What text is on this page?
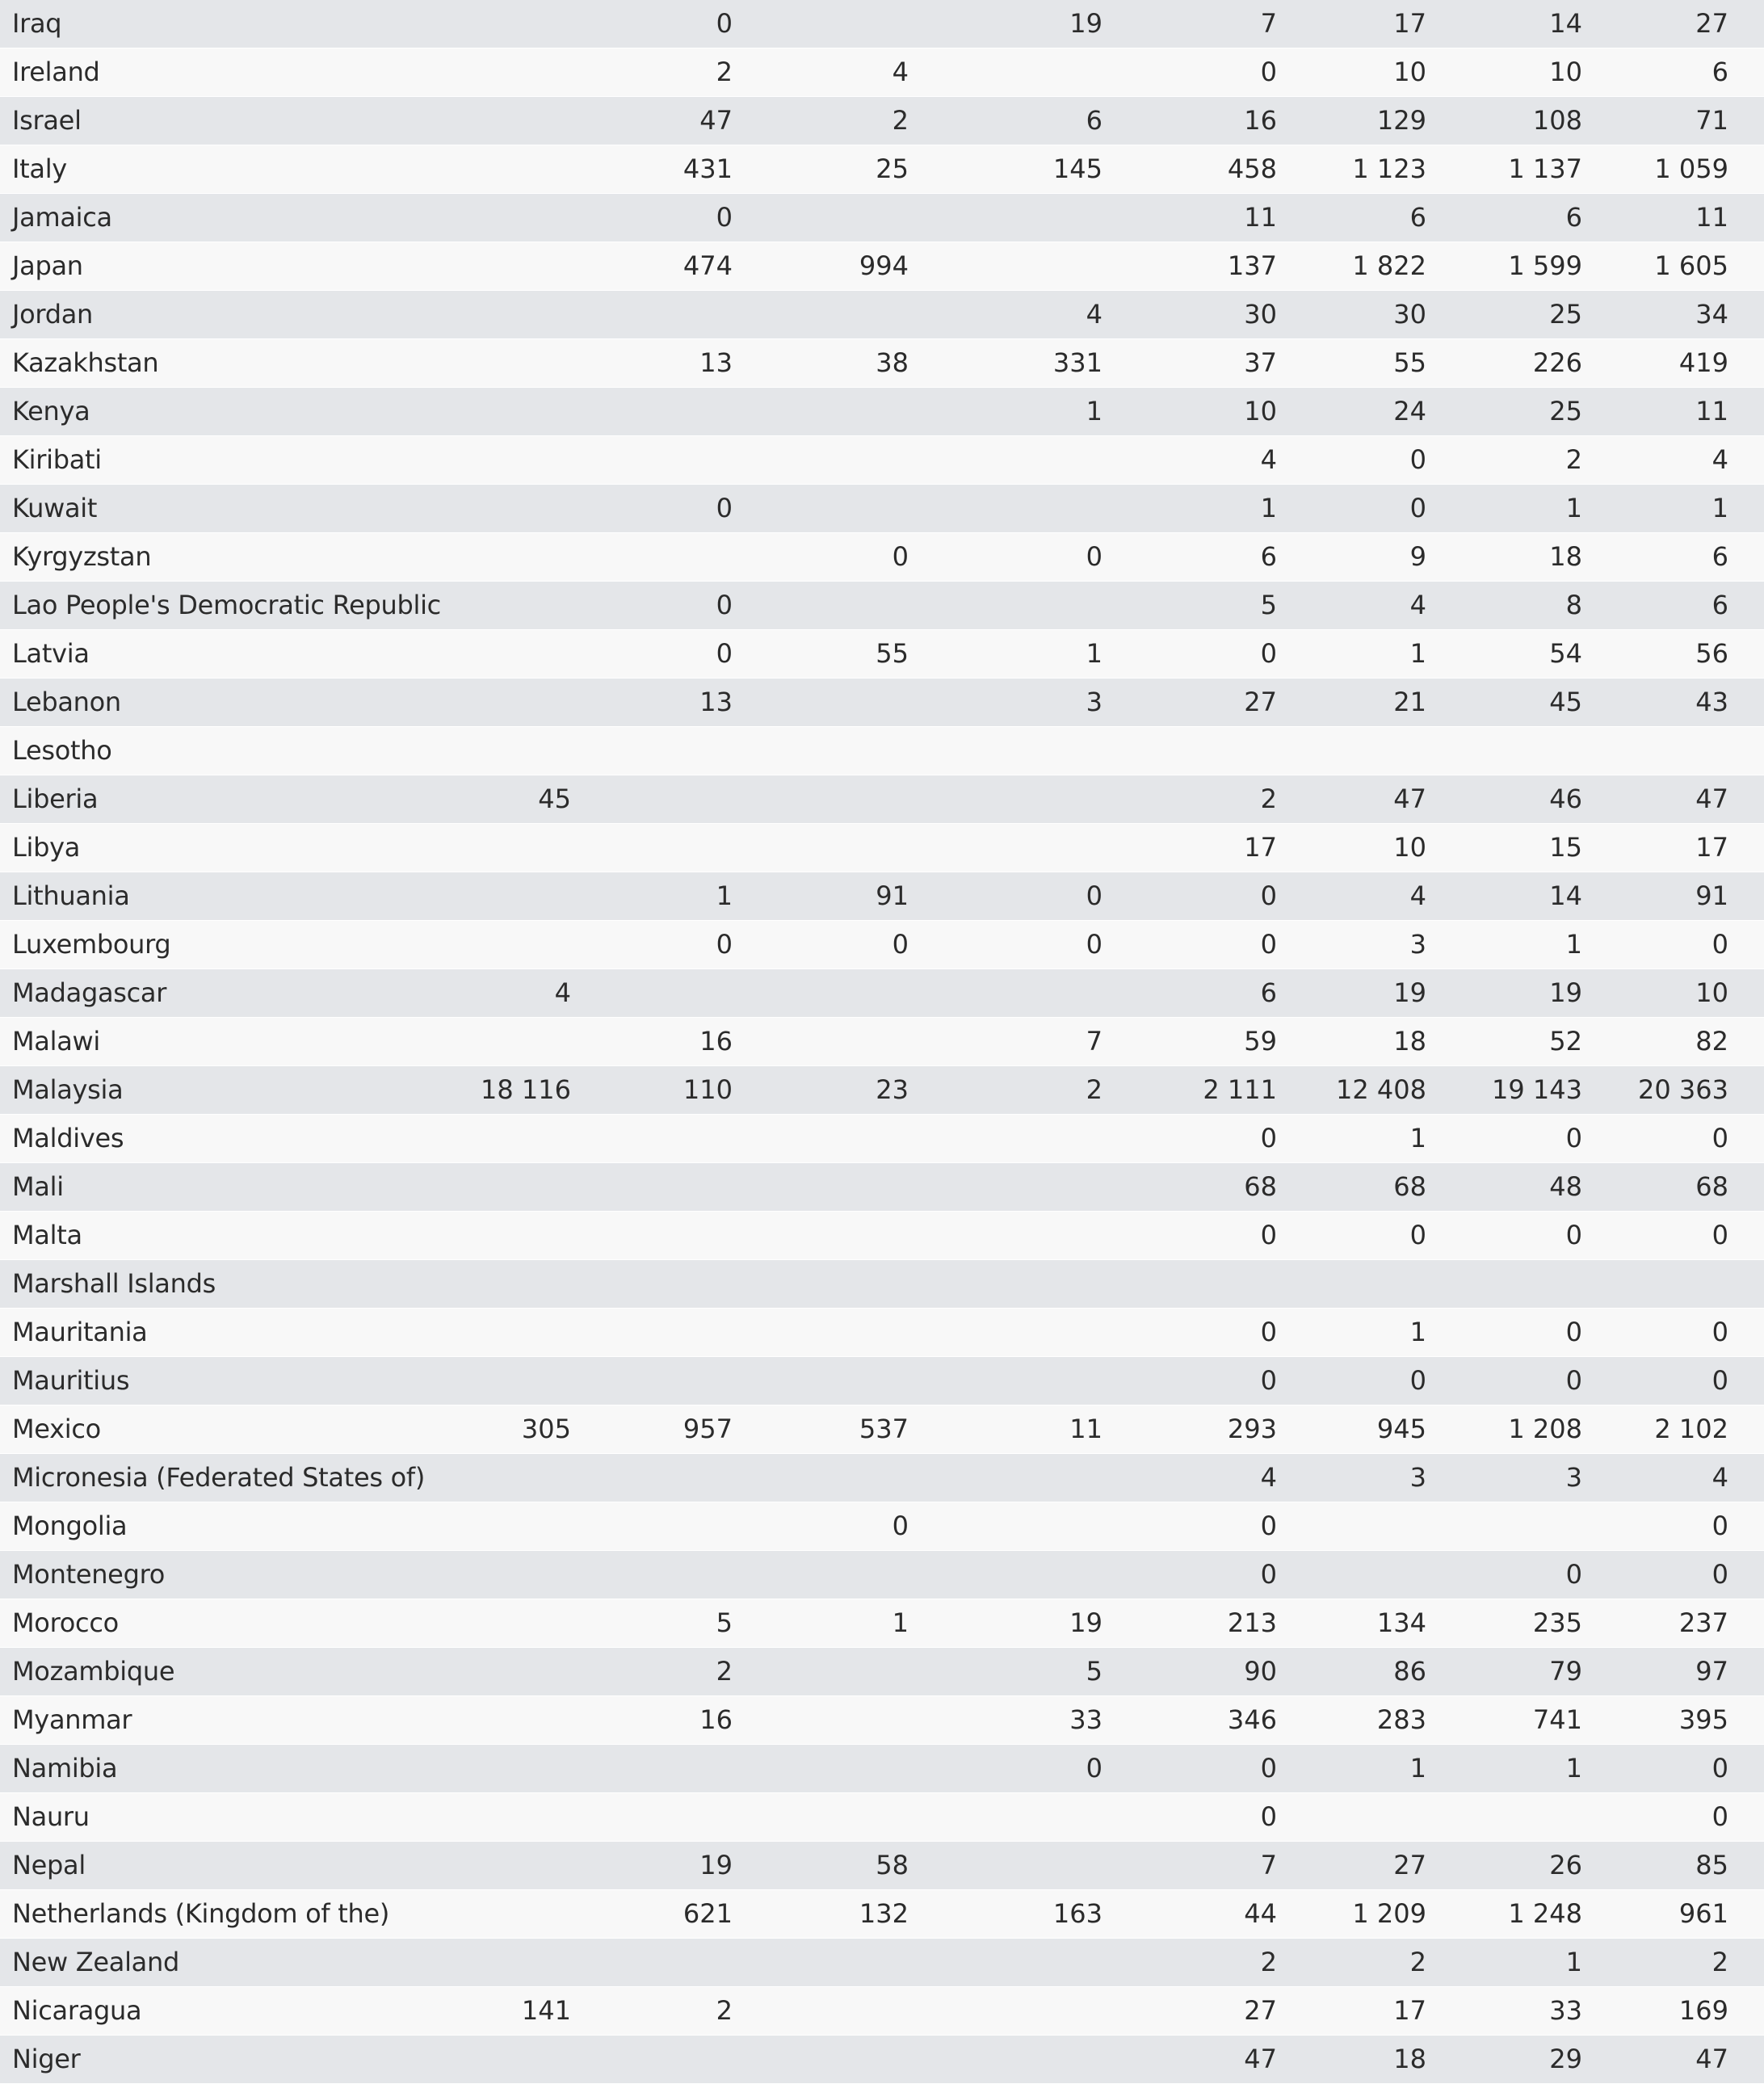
Iraq		0		19	7	17	14	27
Ireland		2	4		0	10	10	6
Israel		47	2	6	16	129	108	71
Italy		431	25	145	458	1 123	1 137	1 059
Jamaica		0			11	6	6	11
Japan		474	994		137	1 822	1 599	1 605
Jordan				4	30	30	25	34
Kazakhstan		13	38	331	37	55	226	419
Kenya				1	10	24	25	11
Kiribati					4	0	2	4
Kuwait		0			1	0	1	1
Kyrgyzstan			0	0	6	9	18	6
Lao People's Democratic Republic		0			5	4	8	6
Latvia		0	55	1	0	1	54	56
Lebanon		13		3	27	21	45	43
Lesotho								
Liberia	45				2	47	46	47
Libya					17	10	15	17
Lithuania		1	91	0	0	4	14	91
Luxembourg		0	0	0	0	3	1	0
Madagascar	4				6	19	19	10
Malawi		16		7	59	18	52	82
Malaysia	18 116	110	23	2	2 111	12 408	19 143	20 363
Maldives					0	1	0	0
Mali					68	68	48	68
Malta					0	0	0	0
Marshall Islands								
Mauritania					0	1	0	0
Mauritius					0	0	0	0
Mexico	305	957	537	11	293	945	1 208	2 102
Micronesia (Federated States of)					4	3	3	4
Mongolia			0		0			0
Montenegro					0		0	0
Morocco		5	1	19	213	134	235	237
Mozambique		2		5	90	86	79	97
Myanmar		16		33	346	283	741	395
Namibia				0	0	1	1	0
Nauru					0			0
Nepal		19	58		7	27	26	85
Netherlands (Kingdom of the)		621	132	163	44	1 209	1 248	961
New Zealand					2	2	1	2
Nicaragua	141	2			27	17	33	169
Niger					47	18	29	47
